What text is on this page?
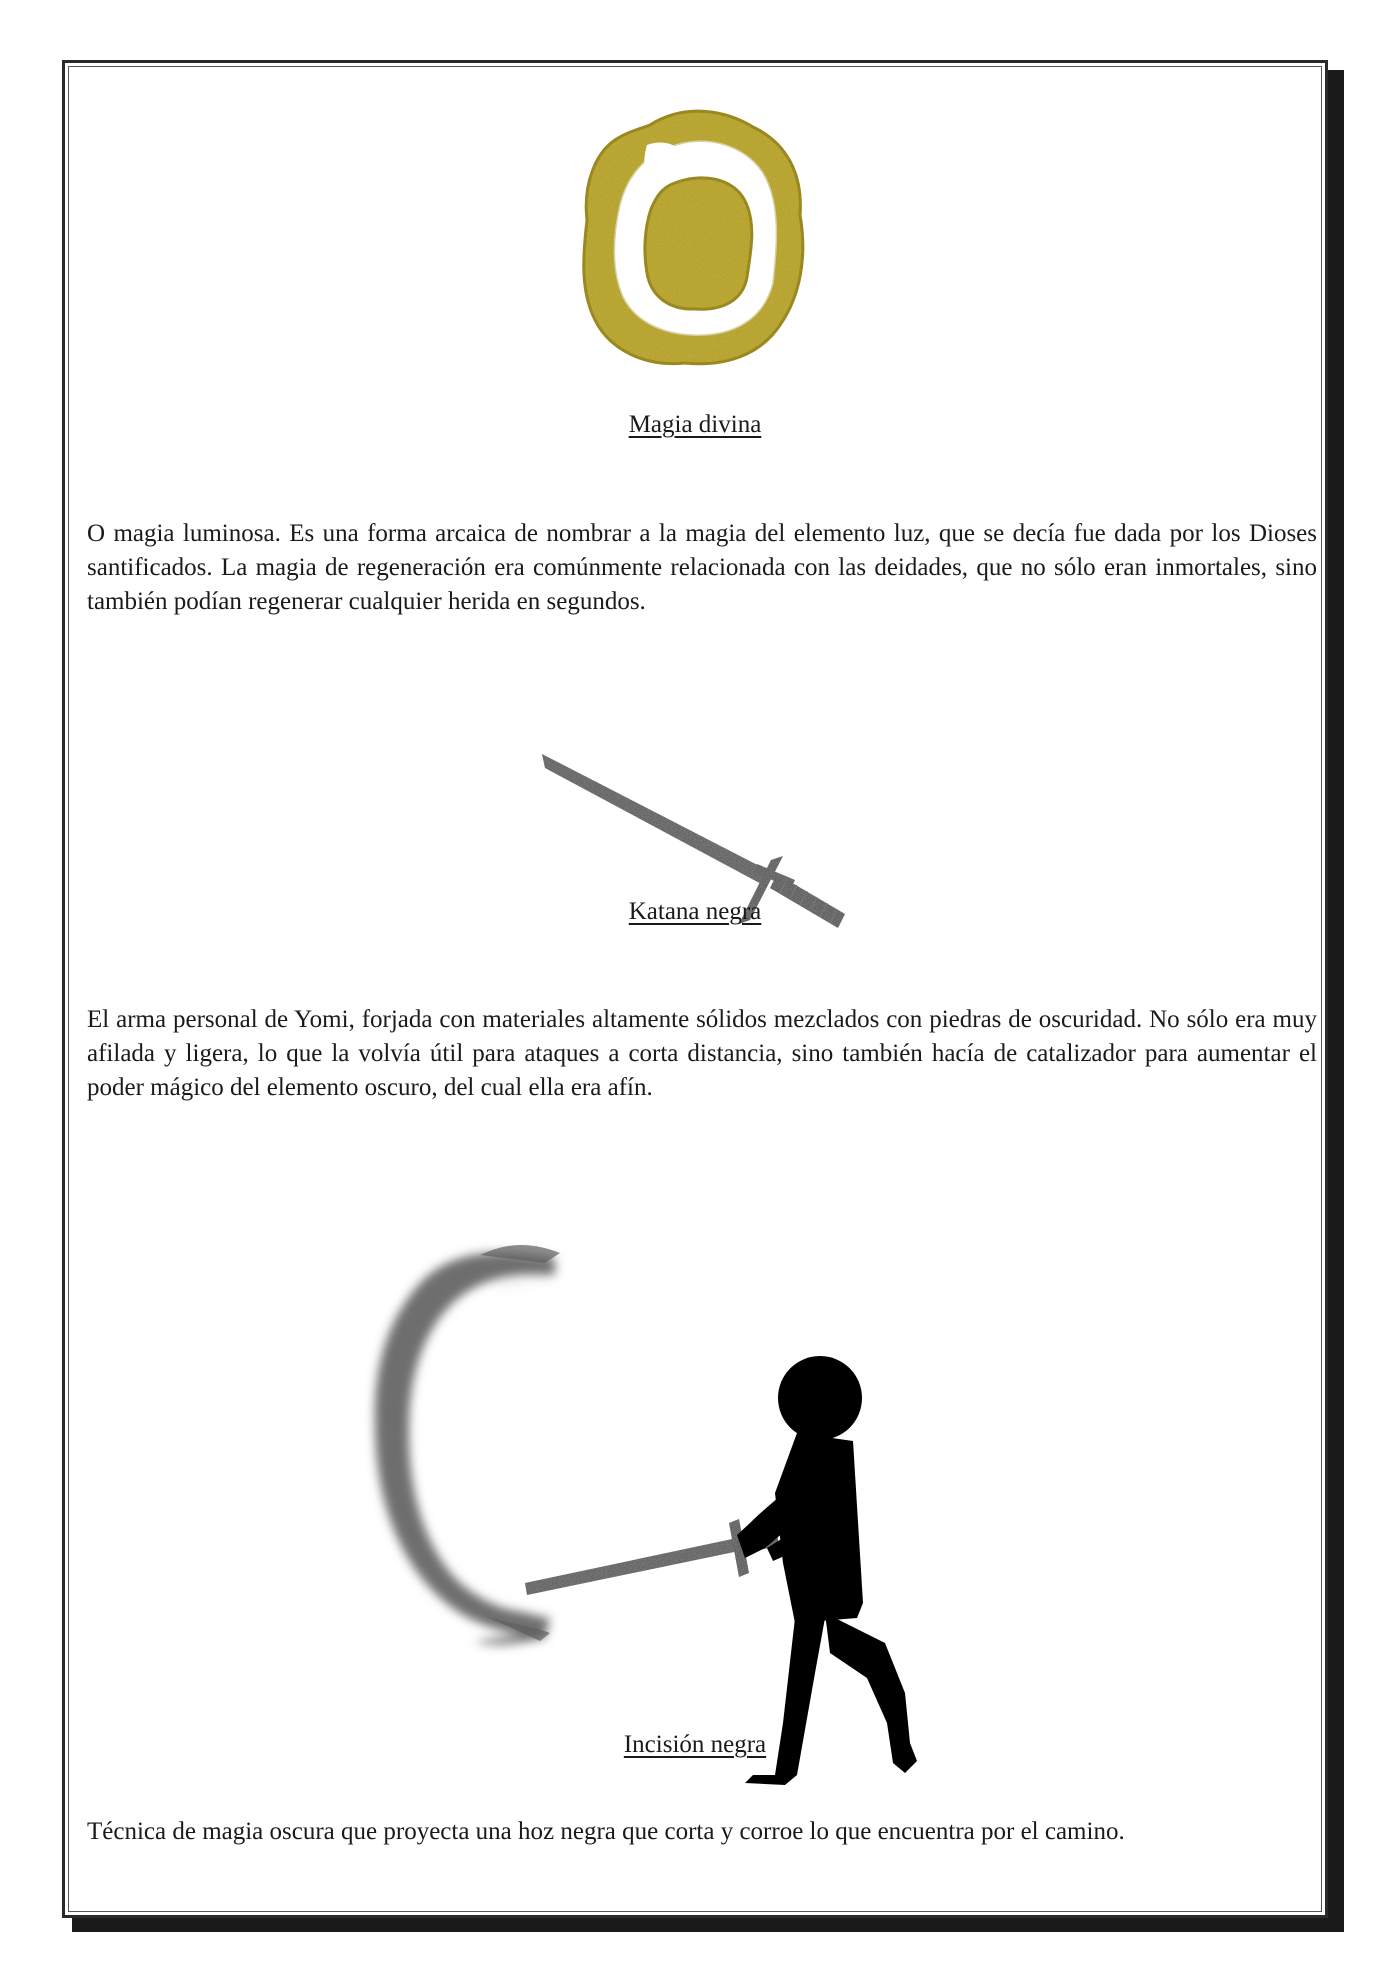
Magia divina
O magia luminosa. Es una forma arcaica de nombrar a la magia del elemento luz, que se decía fue dada por los Dioses santificados. La magia de regeneración era comúnmente relacionada con las deidades, que no sólo eran inmortales, sino también podían regenerar cualquier herida en segundos.
Katana negra
El arma personal de Yomi, forjada con materiales altamente sólidos mezclados con piedras de oscuridad. No sólo era muy afilada y ligera, lo que la volvía útil para ataques a corta distancia, sino también hacía de catalizador para aumentar el poder mágico del elemento oscuro, del cual ella era afín.
Incisión negra
Técnica de magia oscura que proyecta una hoz negra que corta y corroe lo que encuentra por el camino.
